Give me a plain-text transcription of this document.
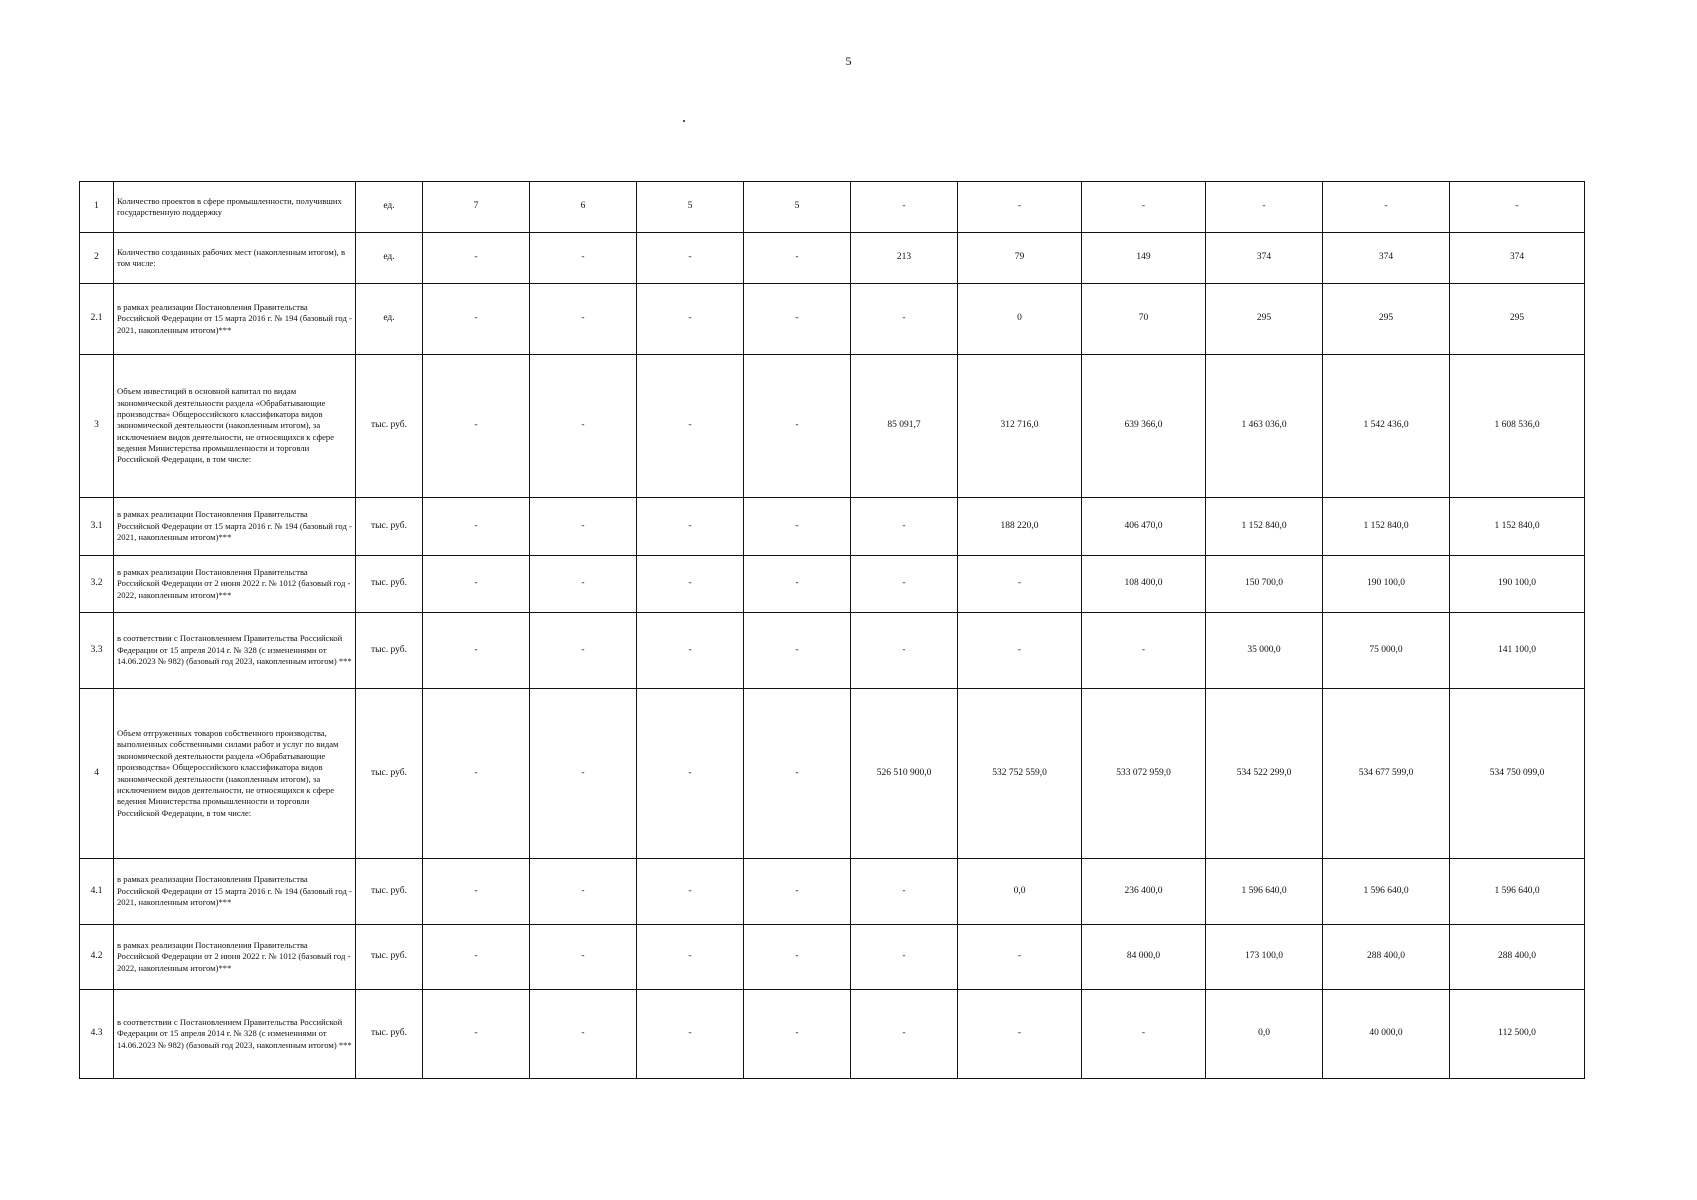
5
1	Количество проектов в сфере промышленности, получивших государственную поддержку	ед.	7	6	5	5	-	-	-	-	-	-
2	Количество созданных рабочих мест (накопленным итогом), в том числе:	ед.	-	-	-	-	213	79	149	374	374	374
2.1	в рамках реализации Постановления Правительства Российской Федерации от 15 марта 2016 г. № 194 (базовый год - 2021, накопленным итогом)***	ед.	-	-	-	-	-	0	70	295	295	295
3	Объем инвестиций в основной капитал по видам экономической деятельности раздела «Обрабатывающие производства» Общероссийского классификатора видов экономической деятельности (накопленным итогом), за исключением видов деятельности, не относящихся к сфере ведения Министерства промышленности и торговли Российской Федерации, в том числе:	тыс. руб.	-	-	-	-	85 091,7	312 716,0	639 366,0	1 463 036,0	1 542 436,0	1 608 536,0
3.1	в рамках реализации Постановления Правительства Российской Федерации от 15 марта 2016 г. № 194 (базовый год - 2021, накопленным итогом)***	тыс. руб.	-	-	-	-	-	188 220,0	406 470,0	1 152 840,0	1 152 840,0	1 152 840,0
3.2	в рамках реализации Постановления Правительства Российской Федерации от 2 июня 2022 г. № 1012 (базовый год - 2022, накопленным итогом)***	тыс. руб.	-	-	-	-	-	-	108 400,0	150 700,0	190 100,0	190 100,0
3.3	в соответствии с Постановлением Правительства Российской Федерации от 15 апреля 2014 г. № 328 (с изменениями от 14.06.2023 № 982) (базовый год 2023, накопленным итогом) ***	тыс. руб.	-	-	-	-	-	-	-	35 000,0	75 000,0	141 100,0
4	Объем отгруженных товаров собственного производства, выполненных собственными силами работ и услуг по видам экономической деятельности раздела «Обрабатывающие производства» Общероссийского классификатора видов экономической деятельности (накопленным итогом), за исключением видов деятельности, не относящихся к сфере ведения Министерства промышленности и торговли Российской Федерации, в том числе:	тыс. руб.	-	-	-	-	526 510 900,0	532 752 559,0	533 072 959,0	534 522 299,0	534 677 599,0	534 750 099,0
4.1	в рамках реализации Постановления Правительства Российской Федерации от 15 марта 2016 г. № 194 (базовый год - 2021, накопленным итогом)***	тыс. руб.	-	-	-	-	-	0,0	236 400,0	1 596 640,0	1 596 640,0	1 596 640,0
4.2	в рамках реализации Постановления Правительства Российской Федерации от 2 июня 2022 г. № 1012 (базовый год - 2022, накопленным итогом)***	тыс. руб.	-	-	-	-	-	-	84 000,0	173 100,0	288 400,0	288 400,0
4.3	в соответствии с Постановлением Правительства Российской Федерации от 15 апреля 2014 г. № 328 (с изменениями от 14.06.2023 № 982) (базовый год 2023, накопленным итогом) ***	тыс. руб.	-	-	-	-	-	-	-	0,0	40 000,0	112 500,0
